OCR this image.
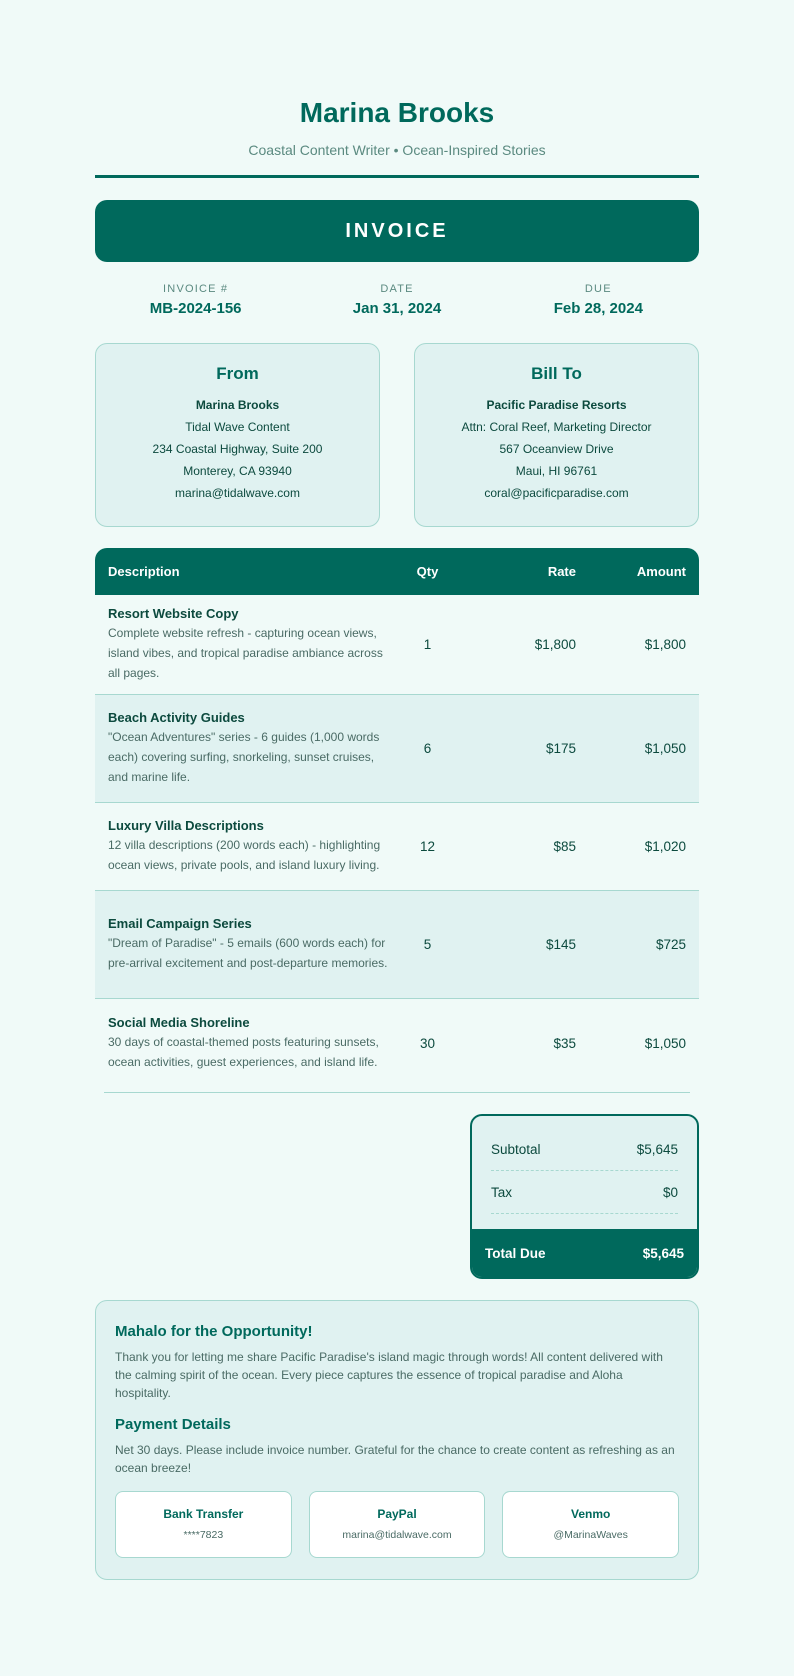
Marina Brooks
Coastal Content Writer • Ocean-Inspired Stories
INVOICE
INVOICE #
MB-2024-156
DATE
Jan 31, 2024
DUE
Feb 28, 2024
From
Marina Brooks
Tidal Wave Content
234 Coastal Highway, Suite 200
Monterey, CA 93940
marina@tidalwave.com
Bill To
Pacific Paradise Resorts
Attn: Coral Reef, Marketing Director
567 Oceanview Drive
Maui, HI 96761
coral@pacificparadise.com
Description	Qty	Rate	Amount
Resort Website Copy
Complete website refresh - capturing ocean views, island vibes, and tropical paradise ambiance across all pages.
1	$1,800	$1,800
Beach Activity Guides
"Ocean Adventures" series - 6 guides (1,000 words each) covering surfing, snorkeling, sunset cruises, and marine life.
6	$175	$1,050
Luxury Villa Descriptions
12 villa descriptions (200 words each) - highlighting ocean views, private pools, and island luxury living.
12	$85	$1,020
Email Campaign Series
"Dream of Paradise" - 5 emails (600 words each) for pre-arrival excitement and post-departure memories.
5	$145	$725
Social Media Shoreline
30 days of coastal-themed posts featuring sunsets, ocean activities, guest experiences, and island life.
30	$35	$1,050
Subtotal	$5,645
Tax	$0
Total Due	$5,645
Mahalo for the Opportunity!
Thank you for letting me share Pacific Paradise's island magic through words! All content delivered with the calming spirit of the ocean. Every piece captures the essence of tropical paradise and Aloha hospitality.
Payment Details
Net 30 days. Please include invoice number. Grateful for the chance to create content as refreshing as an ocean breeze!
Bank Transfer
****7823
PayPal
marina@tidalwave.com
Venmo
@MarinaWaves
